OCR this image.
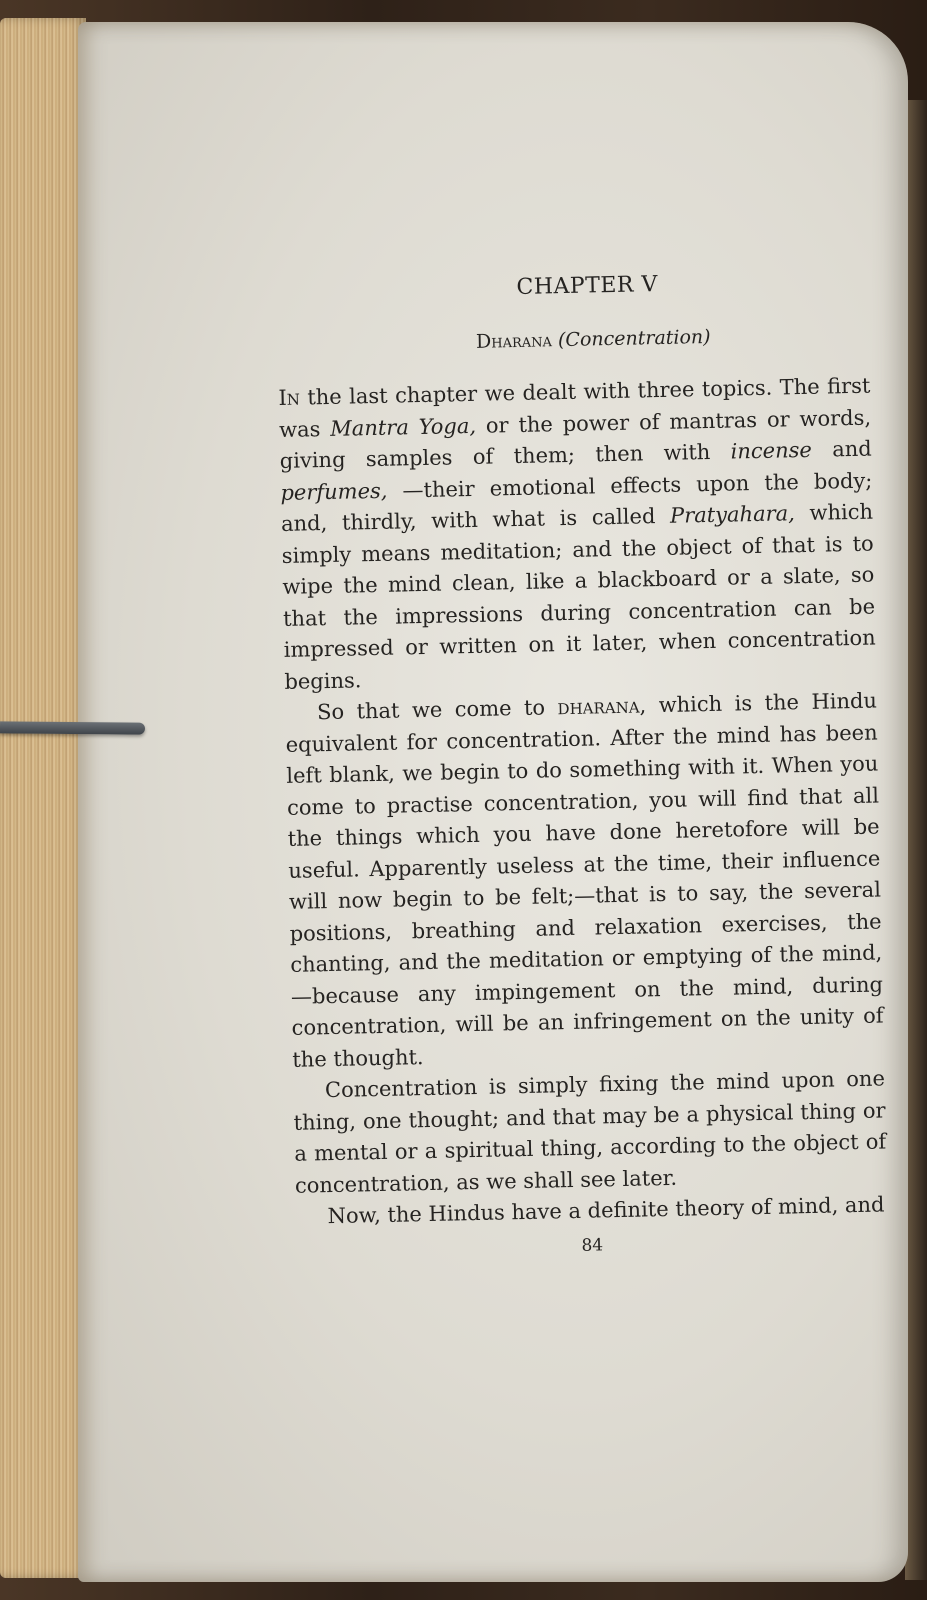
CHAPTER V
Dharana (Concentration)

In the last chapter we dealt with three topics. The first was Mantra Yoga, or the power of mantras or words, giving samples of them; then with incense and perfumes, —their emotional effects upon the body; and, thirdly, with what is called Pratyahara, which simply means meditation; and the object of that is to wipe the mind clean, like a blackboard or a slate, so that the impressions during concentration can be impressed or written on it later, when concentration begins.

So that we come to dharana, which is the Hindu equivalent for concentration. After the mind has been left blank, we begin to do something with it. When you come to practise concentration, you will find that all the things which you have done heretofore will be useful. Apparently useless at the time, their influence will now begin to be felt;—that is to say, the several positions, breathing and relaxation exercises, the chanting, and the meditation or emptying of the mind, —because any impingement on the mind, during concentration, will be an infringement on the unity of the thought.

Concentration is simply fixing the mind upon one thing, one thought; and that may be a physical thing or a mental or a spiritual thing, according to the object of concentration, as we shall see later.

Now, the Hindus have a definite theory of mind, and

84
